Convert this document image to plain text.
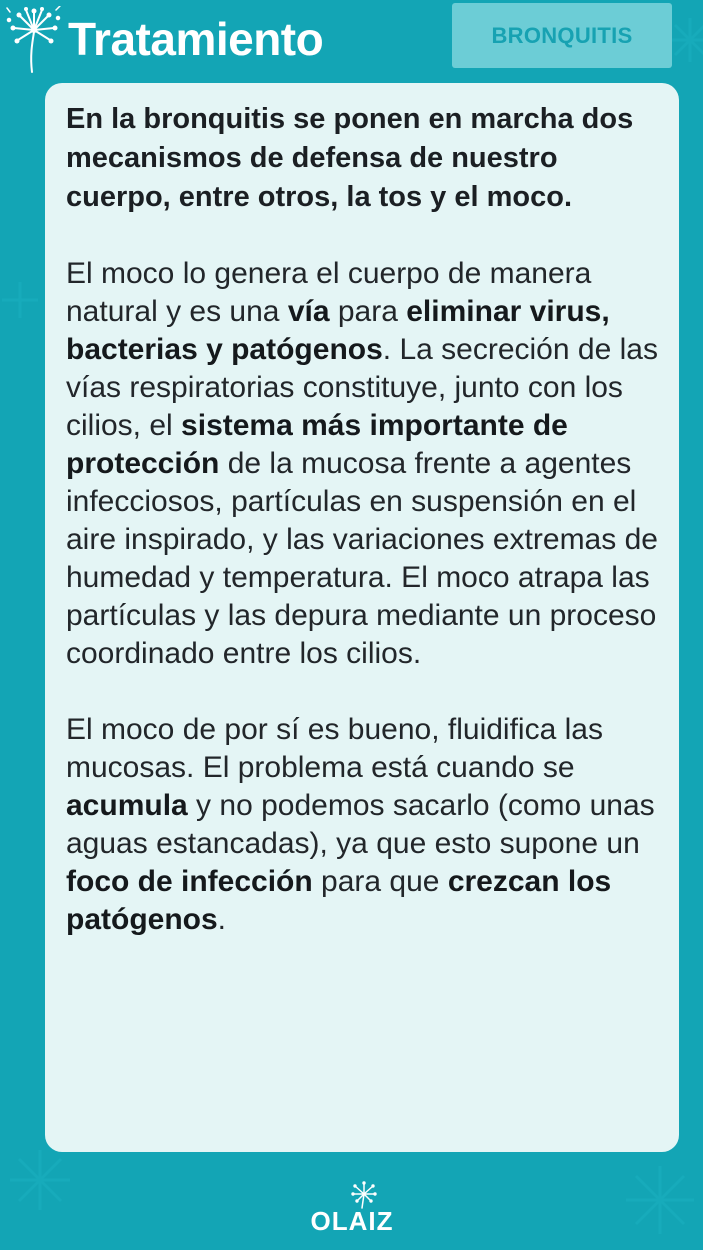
Tratamiento	BRONQUITIS

En la bronquitis se ponen en marcha dos mecanismos de defensa de nuestro cuerpo, entre otros, la tos y el moco.

El moco lo genera el cuerpo de manera natural y es una vía para eliminar virus, bacterias y patógenos. La secreción de las vías respiratorias constituye, junto con los cilios, el sistema más importante de protección de la mucosa frente a agentes infecciosos, partículas en suspensión en el aire inspirado, y las variaciones extremas de humedad y temperatura. El moco atrapa las partículas y las depura mediante un proceso coordinado entre los cilios.

El moco de por sí es bueno, fluidifica las mucosas. El problema está cuando se acumula y no podemos sacarlo (como unas aguas estancadas), ya que esto supone un foco de infección para que crezcan los patógenos.

OLAIZ
